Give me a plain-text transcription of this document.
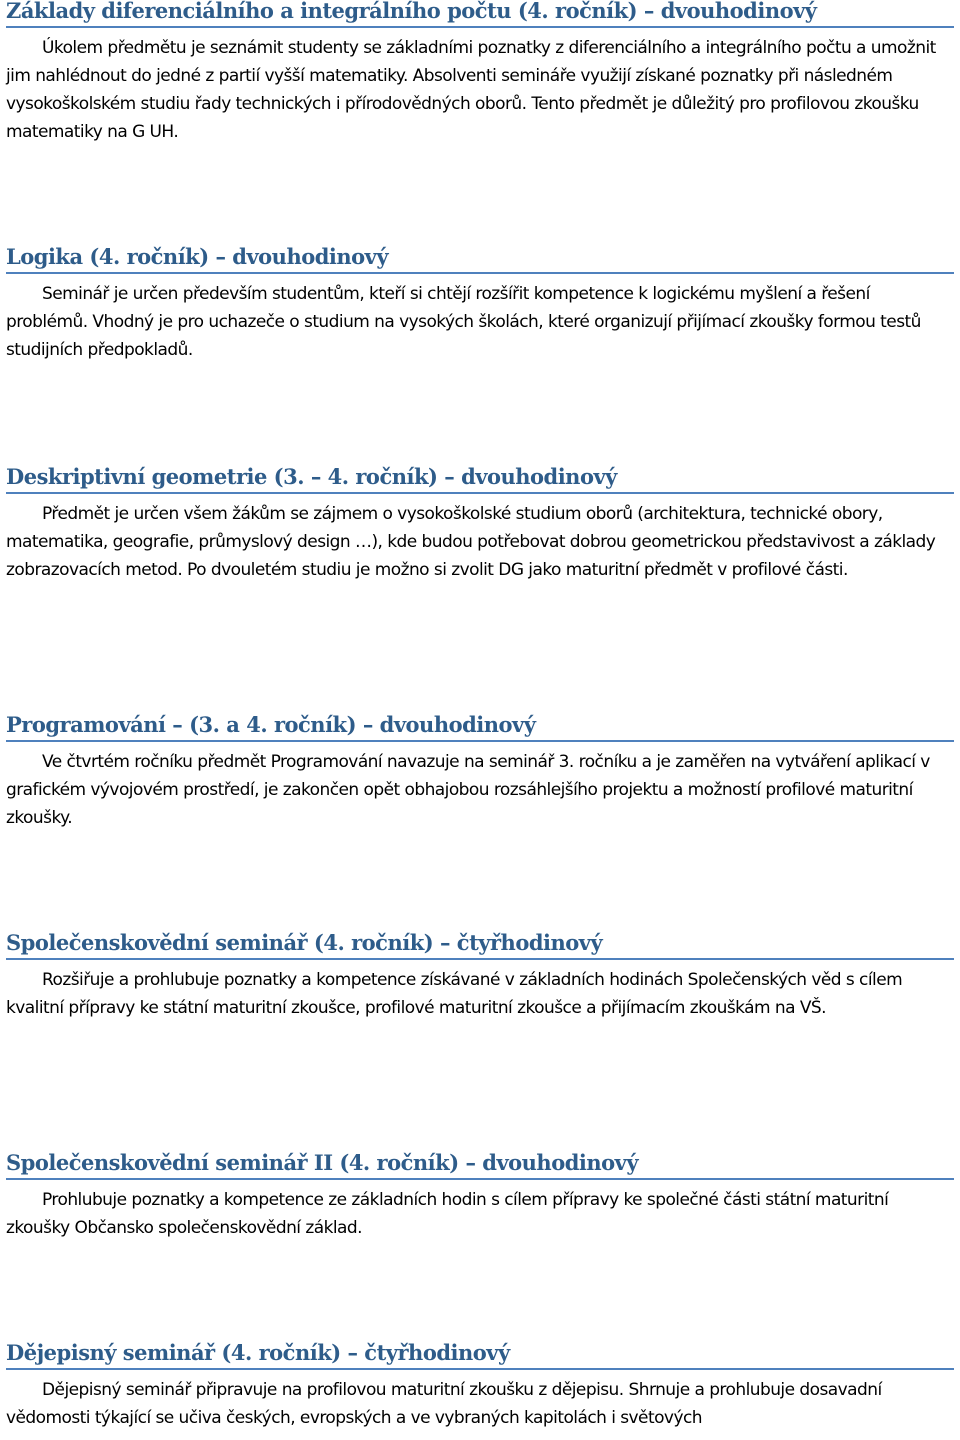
Základy diferenciálního a integrálního počtu (4. ročník) – dvouhodinový
Úkolem předmětu je seznámit studenty se základními poznatky z diferenciálního a integrálního počtu a umožnit jim nahlédnout do jedné z partií vyšší matematiky. Absolventi semináře využijí získané poznatky při následném vysokoškolském studiu řady technických i přírodovědných oborů. Tento předmět je důležitý pro profilovou zkoušku matematiky na G UH.
Logika (4. ročník) – dvouhodinový
Seminář je určen především studentům, kteří si chtějí rozšířit kompetence k logickému myšlení a řešení problémů. Vhodný je pro uchazeče o studium na vysokých školách, které organizují přijímací zkoušky formou testů studijních předpokladů.
Deskriptivní geometrie (3. – 4. ročník) – dvouhodinový
Předmět je určen všem žákům se zájmem o vysokoškolské studium oborů (architektura, technické obory, matematika, geografie, průmyslový design …), kde budou potřebovat dobrou geometrickou představivost a základy zobrazovacích metod. Po dvouletém studiu je možno si zvolit DG jako maturitní předmět v profilové části.
Programování – (3. a 4. ročník) – dvouhodinový
Ve čtvrtém ročníku předmět Programování navazuje na seminář 3. ročníku a je zaměřen na vytváření aplikací v grafickém vývojovém prostředí, je zakončen opět obhajobou rozsáhlejšího projektu a možností profilové maturitní zkoušky.
Společenskovědní seminář (4. ročník) – čtyřhodinový
Rozšiřuje a prohlubuje poznatky a kompetence získávané v základních hodinách Společenských věd s cílem kvalitní přípravy ke státní maturitní zkoušce, profilové maturitní zkoušce a přijímacím zkouškám na VŠ.
Společenskovědní seminář II (4. ročník) – dvouhodinový
Prohlubuje poznatky a kompetence ze základních hodin s cílem přípravy ke společné části státní maturitní zkoušky Občansko společenskovědní základ.
Dějepisný seminář (4. ročník) – čtyřhodinový
Dějepisný seminář připravuje na profilovou maturitní zkoušku z dějepisu. Shrnuje a prohlubuje dosavadní vědomosti týkající se učiva českých, evropských a ve vybraných kapitolách i světových
